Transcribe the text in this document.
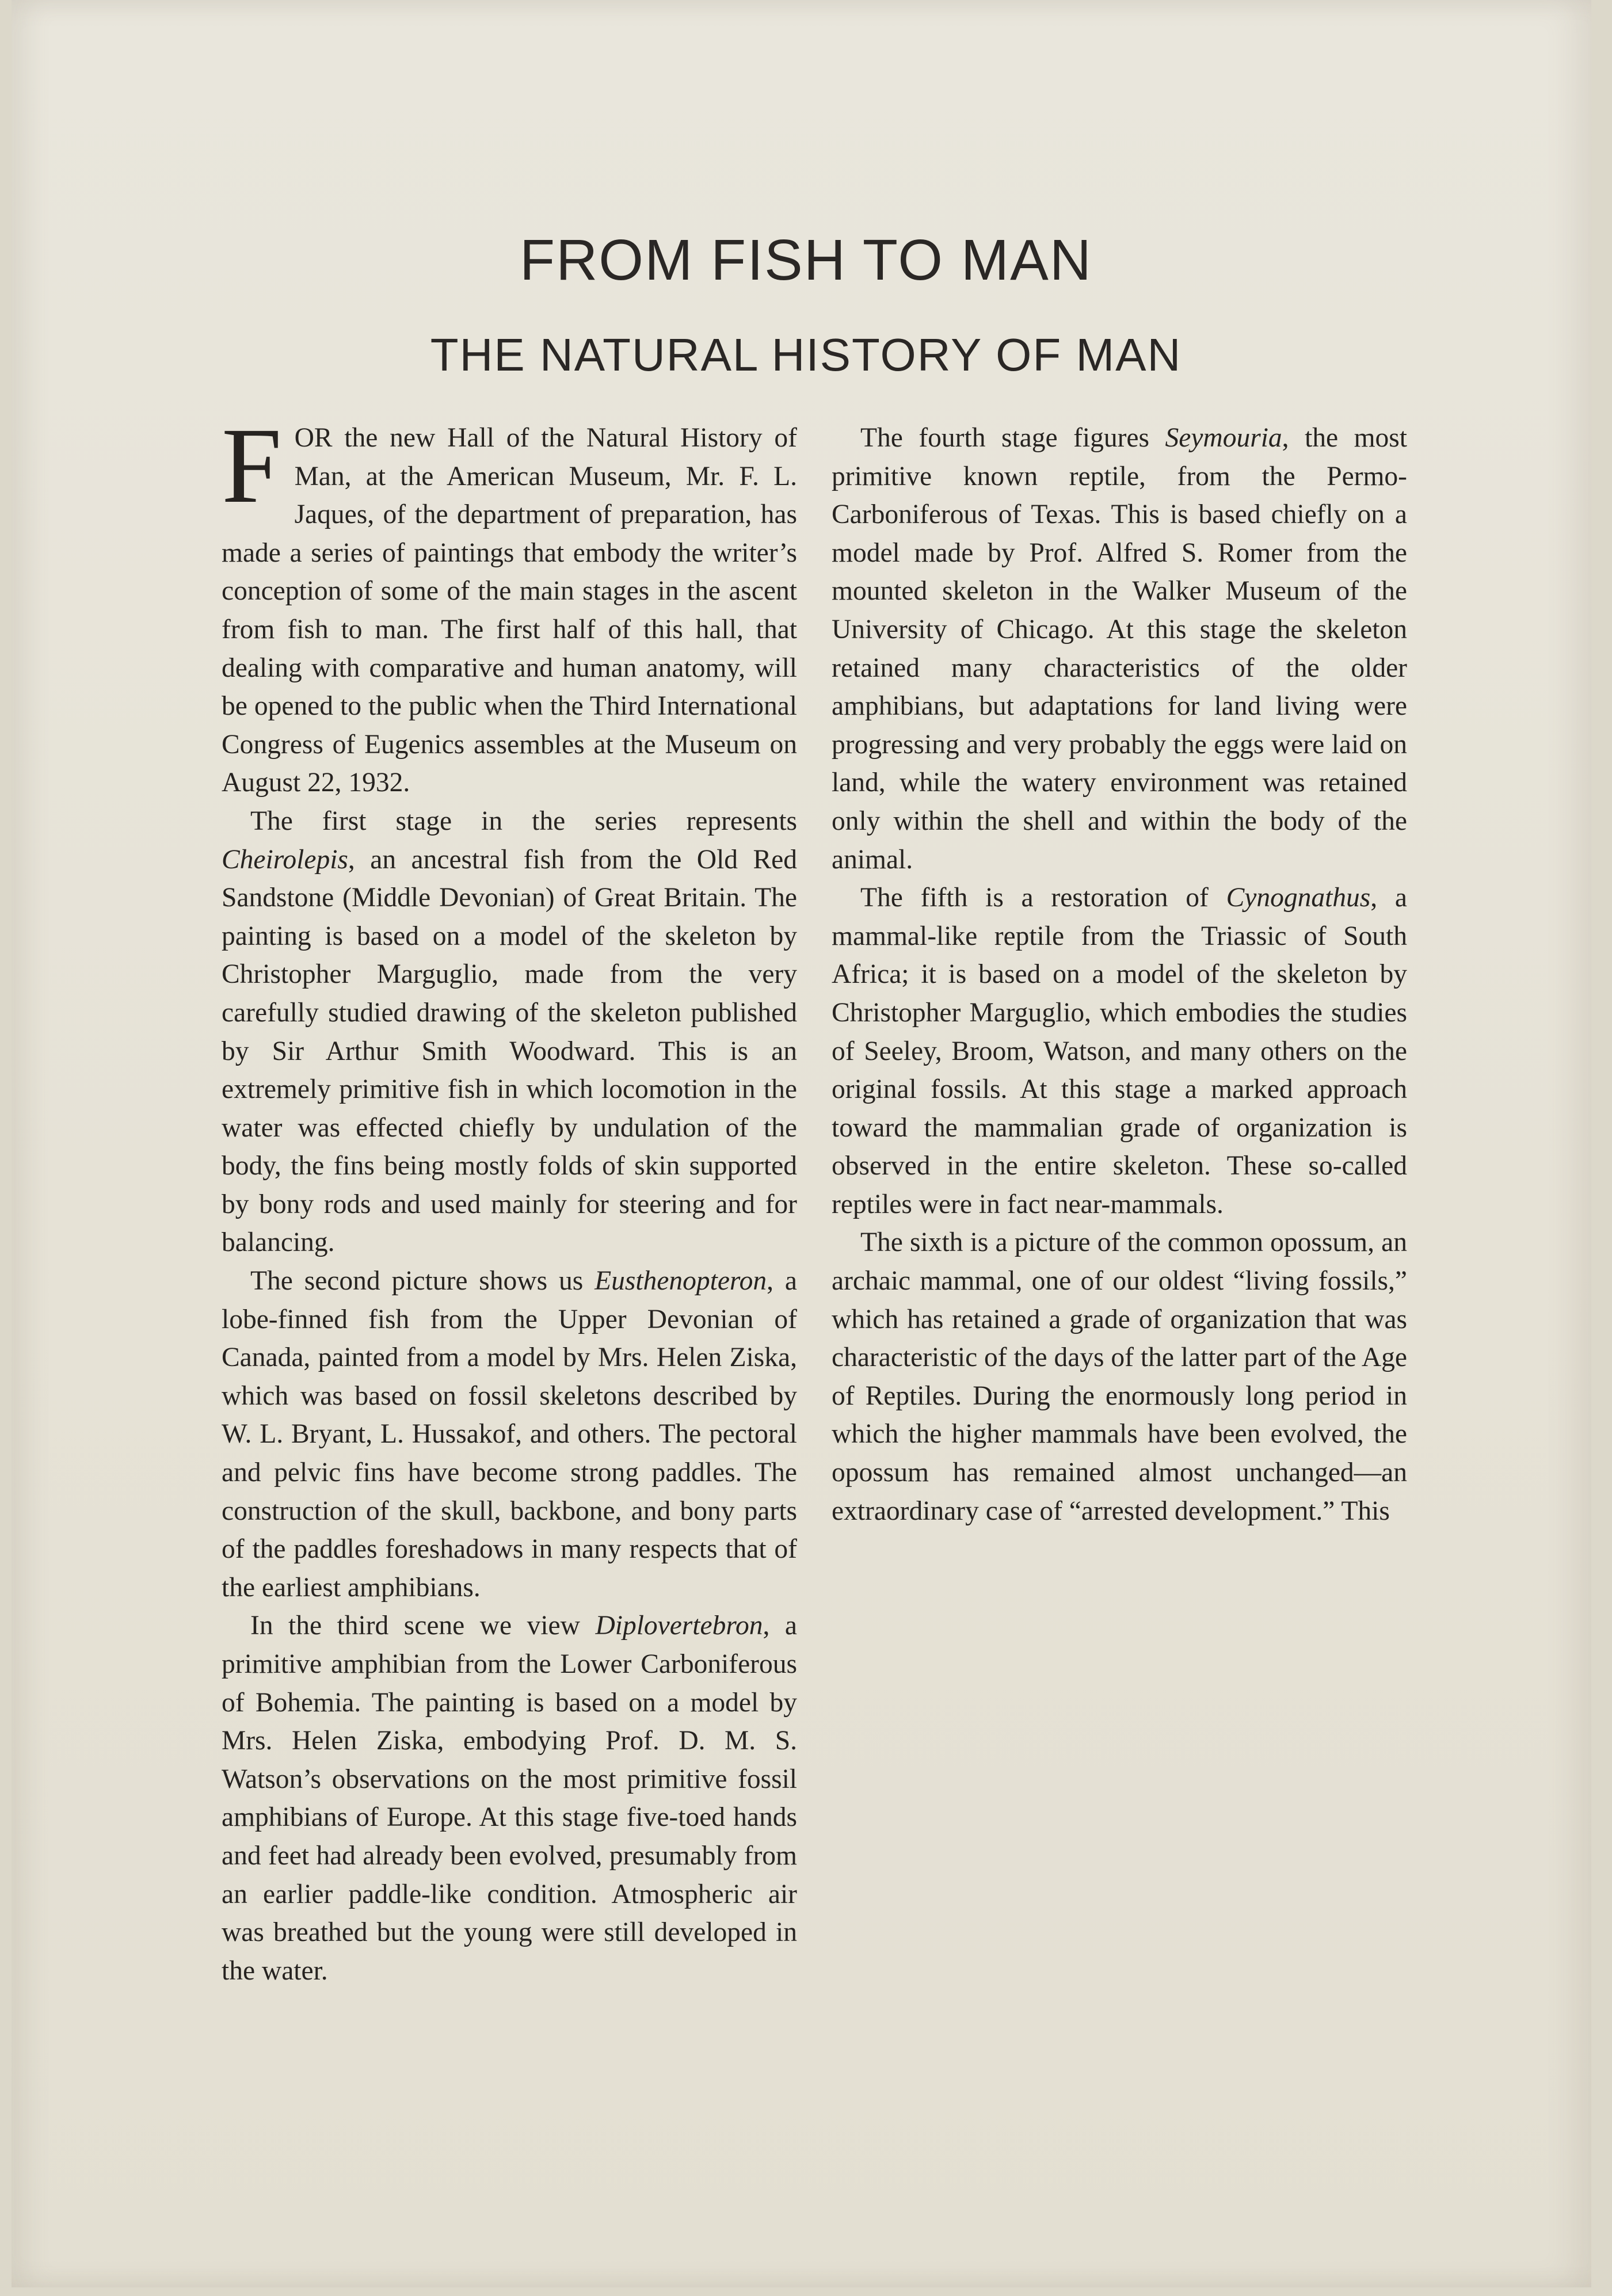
FROM FISH TO MAN
THE NATURAL HISTORY OF MAN

FOR the new Hall of the Natural History of Man, at the American Museum, Mr. F. L. Jaques, of the department of preparation, has made a series of paintings that embody the writer’s conception of some of the main stages in the ascent from fish to man. The first half of this hall, that dealing with comparative and human anatomy, will be opened to the public when the Third International Congress of Eugenics assembles at the Museum on August 22, 1932.

The first stage in the series represents Cheirolepis, an ancestral fish from the Old Red Sandstone (Middle Devonian) of Great Britain. The painting is based on a model of the skeleton by Christopher Marguglio, made from the very carefully studied drawing of the skeleton published by Sir Arthur Smith Woodward. This is an extremely primitive fish in which locomotion in the water was effected chiefly by undulation of the body, the fins being mostly folds of skin supported by bony rods and used mainly for steering and for balancing.

The second picture shows us Eusthenopteron, a lobe-finned fish from the Upper Devonian of Canada, painted from a model by Mrs. Helen Ziska, which was based on fossil skeletons described by W. L. Bryant, L. Hussakof, and others. The pectoral and pelvic fins have become strong paddles. The construction of the skull, backbone, and bony parts of the paddles foreshadows in many respects that of the earliest amphibians.

In the third scene we view Diplovertebron, a primitive amphibian from the Lower Carboniferous of Bohemia. The painting is based on a model by Mrs. Helen Ziska, embodying Prof. D. M. S. Watson’s observations on the most primitive fossil amphibians of Europe. At this stage five-toed hands and feet had already been evolved, presumably from an earlier paddle-like condition. Atmospheric air was breathed but the young were still developed in the water.

The fourth stage figures Seymouria, the most primitive known reptile, from the Permo-Carboniferous of Texas. This is based chiefly on a model made by Prof. Alfred S. Romer from the mounted skeleton in the Walker Museum of the University of Chicago. At this stage the skeleton retained many characteristics of the older amphibians, but adaptations for land living were progressing and very probably the eggs were laid on land, while the watery environment was retained only within the shell and within the body of the animal.

The fifth is a restoration of Cynognathus, a mammal-like reptile from the Triassic of South Africa; it is based on a model of the skeleton by Christopher Marguglio, which embodies the studies of Seeley, Broom, Watson, and many others on the original fossils. At this stage a marked approach toward the mammalian grade of organization is observed in the entire skeleton. These so-called reptiles were in fact near-mammals.

The sixth is a picture of the common opossum, an archaic mammal, one of our oldest “living fossils,” which has retained a grade of organization that was characteristic of the days of the latter part of the Age of Reptiles. During the enormously long period in which the higher mammals have been evolved, the opossum has remained almost unchanged—an extraordinary case of “arrested development.” This
